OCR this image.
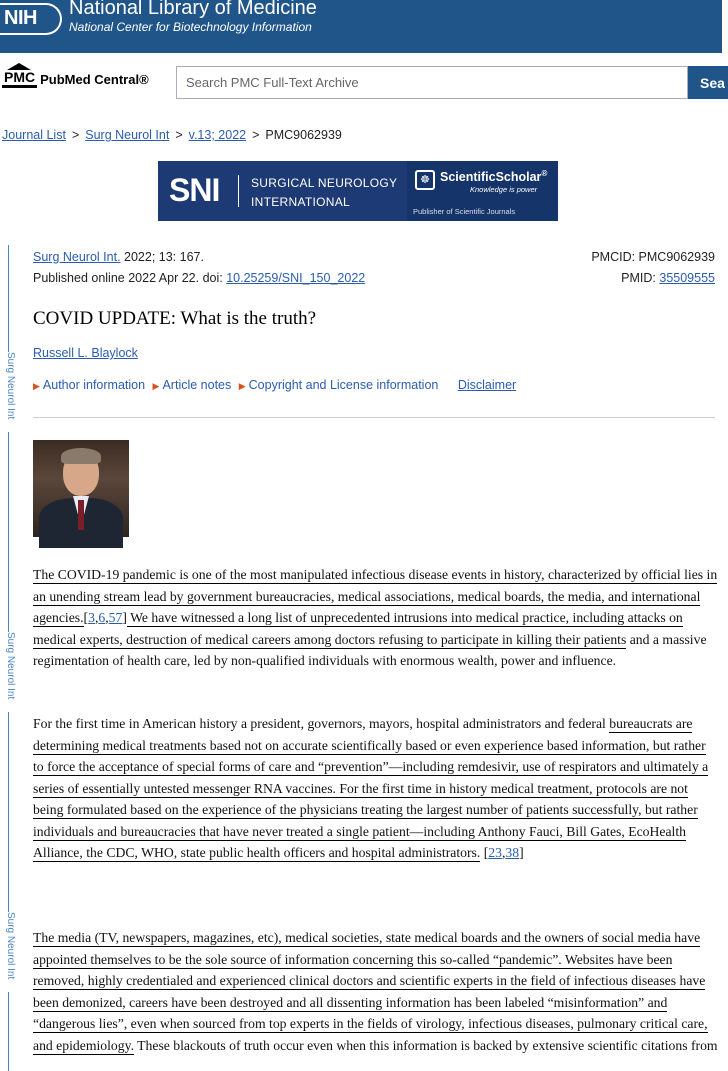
NIH National Library of Medicine
National Center for Biotechnology Information
PMC PubMed Central®
Search PMC Full-Text Archive	Sea
Journal List > Surg Neurol Int > v.13; 2022 > PMC9062939
SNI	SURGICAL NEUROLOGY
INTERNATIONAL
☸ ScientificScholar®
Knowledge is power
Publisher of Scientific Journals
Surg Neurol Int
Surg Neurol Int
Surg Neurol Int
Surg Neurol Int. 2022; 13: 167.
Published online 2022 Apr 22. doi: 10.25259/SNI_150_2022
PMCID: PMC9062939
PMID: 35509555
COVID UPDATE: What is the truth?
Russell L. Blaylock
▶ Author information ▶ Article notes ▶ Copyright and License information Disclaimer

The COVID-19 pandemic is one of the most manipulated infectious disease events in history, characterized by official lies in an unending stream lead by government bureaucracies, medical associations, medical boards, the media, and international agencies.[3,6,57] We have witnessed a long list of unprecedented intrusions into medical practice, including attacks on medical experts, destruction of medical careers among doctors refusing to participate in killing their patients and a massive regimentation of health care, led by non-qualified individuals with enormous wealth, power and influence.

For the first time in American history a president, governors, mayors, hospital administrators and federal bureaucrats are determining medical treatments based not on accurate scientifically based or even experience based information, but rather to force the acceptance of special forms of care and “prevention”—including remdesivir, use of respirators and ultimately a series of essentially untested messenger RNA vaccines. For the first time in history medical treatment, protocols are not being formulated based on the experience of the physicians treating the largest number of patients successfully, but rather individuals and bureaucracies that have never treated a single patient—including Anthony Fauci, Bill Gates, EcoHealth Alliance, the CDC, WHO, state public health officers and hospital administrators. [23,38]

The media (TV, newspapers, magazines, etc), medical societies, state medical boards and the owners of social media have appointed themselves to be the sole source of information concerning this so-called “pandemic”. Websites have been removed, highly credentialed and experienced clinical doctors and scientific experts in the field of infectious diseases have been demonized, careers have been destroyed and all dissenting information has been labeled “misinformation” and “dangerous lies”, even when sourced from top experts in the fields of virology, infectious diseases, pulmonary critical care, and epidemiology. These blackouts of truth occur even when this information is backed by extensive scientific citations from
